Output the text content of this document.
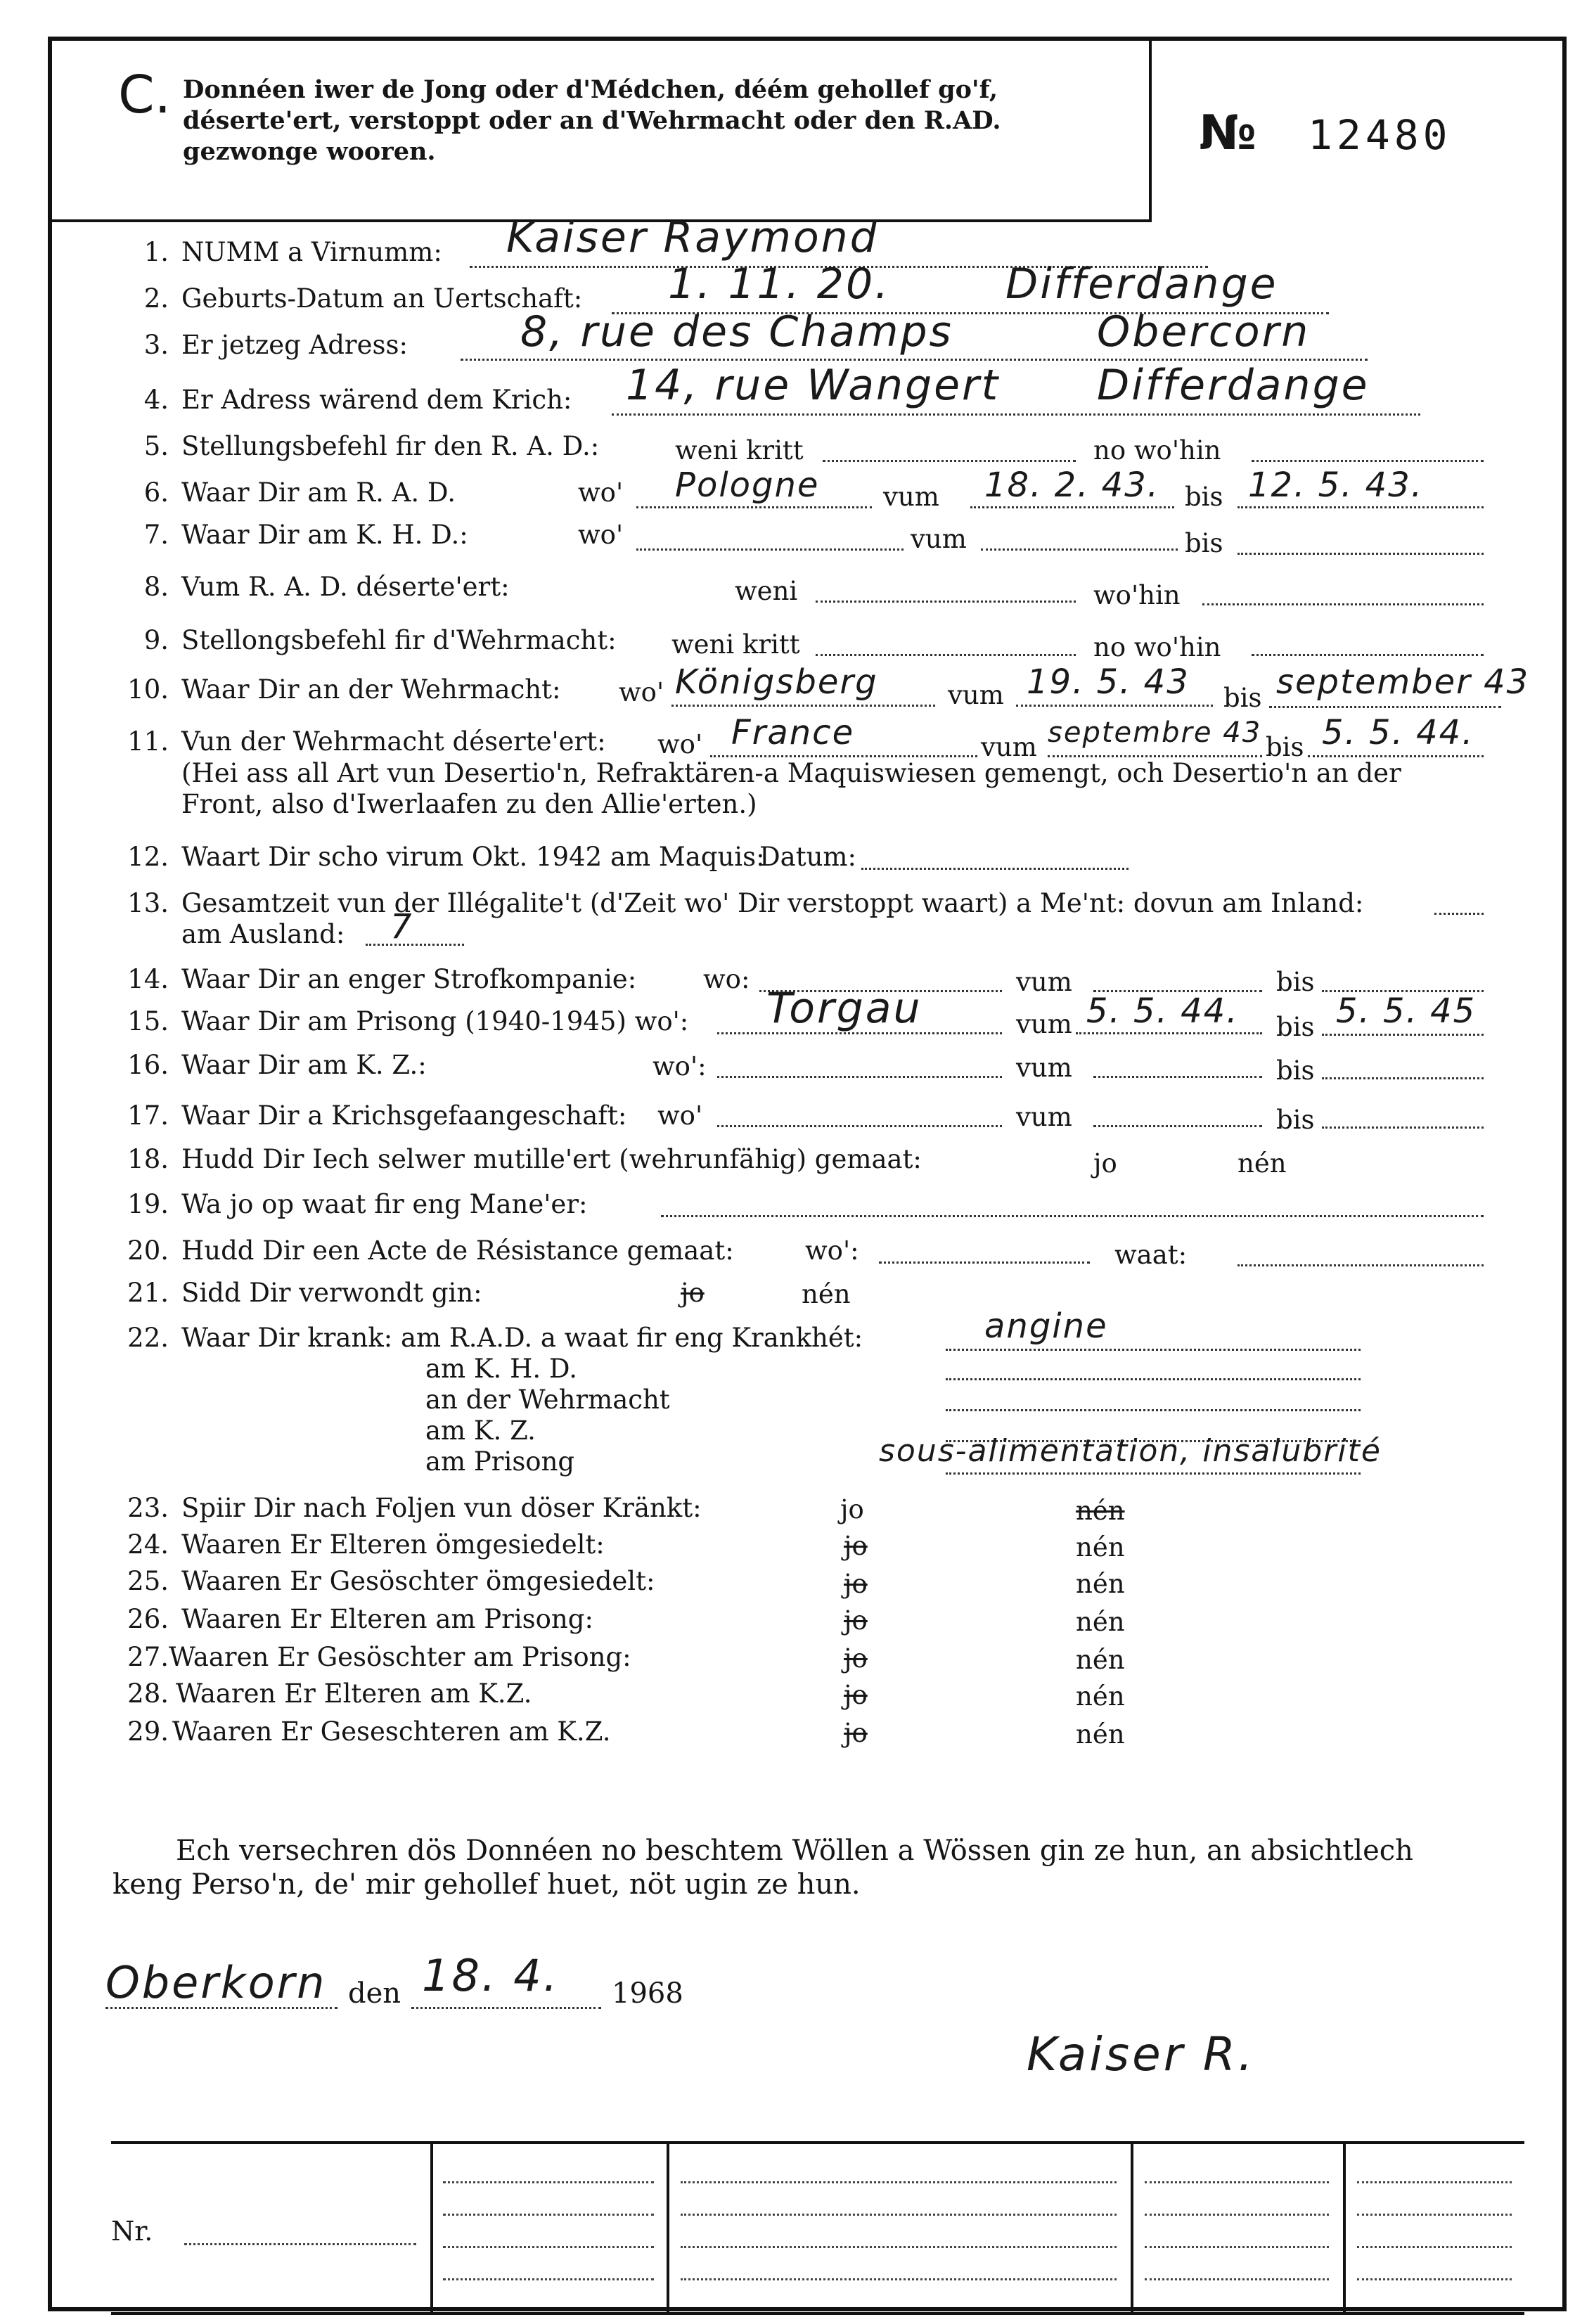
C. Donnéen iwer de Jong oder d'Médchen, déém gehollef go'f, déserte'ert, verstoppt oder an d'Wehrmacht oder den R.AD. gezwonge wooren.	№ 12480
1. NUMM a Virnumm: Kaiser Raymond
2. Geburts-Datum an Uertschaft: 1. 11. 20.	Differdange
3. Er jetzeg Adress:	8, rue des Champs	Obercorn
4. Er Adress wärend dem Krich: 14, rue Wangert Differdange
5. Stellungsbefehl fir den R. A. D.:	weni kritt	no wo'hin
6. Waar Dir am R. A. D.	wo' Pologne vum 18. 2. 43. bis 12. 5. 43.
7. Waar Dir am K. H. D.:	wo'	vum	bis
8. Vum R. A. D. déserte'ert:	weni	wo'hin
9. Stellongsbefehl fir d'Wehrmacht: weni kritt	no wo'hin
10. Waar Dir an der Wehrmacht: wo' Königsberg	vum 19. 5. 43 bis september 43
11. Vun der Wehrmacht déserte'ert: wo' France	vum septembre 43 bis 5. 5. 44.
(Hei ass all Art vun Desertio'n, Refraktären-a Maquiswiesen gemengt, och Desertio'n an der Front, also d'Iwerlaafen zu den Allie'erten.)
12. Waart Dir scho virum Okt. 1942 am Maquis:
Datum:
13. Gesamtzeit vun der Illégalite't (d'Zeit wo' Dir verstoppt waart) a Me'nt: dovun am Inland:
am Ausland: 7
14. Waar Dir an enger Strofkompanie:	wo:	vum	bis
15. Waar Dir am Prisong (1940-1945) wo': Torgau	vum 5. 5. 44. bis 5. 5. 45
16. Waar Dir am K. Z.:	wo':	vum	bis
17. Waar Dir a Krichsgefaangeschaft: wo'	vum	bis
18. Hudd Dir Iech selwer mutille'ert (wehrunfähig) gemaat:	jo	nén
19. Wa jo op waat fir eng Mane'er:
20. Hudd Dir een Acte de Résistance gemaat:	wo':	waat:
21. Sidd Dir verwondt gin:	jo	nén
22. Waar Dir krank: am R.A.D. a waat fir eng Krankhét:	angine
am K. H. D.
an der Wehrmacht
am K. Z.
am Prisong	sous-alimentation, insalubrité
23. Spiir Dir nach Foljen vun döser Kränkt:	jo	nén
24. Waaren Er Elteren ömgesiedelt:	jo	nén
25. Waaren Er Gesöschter ömgesiedelt:	jo	nén
26. Waaren Er Elteren am Prisong:	jo	nén
27. Waaren Er Gesöschter am Prisong:	jo	nén
28. Waaren Er Elteren am K.Z.	jo	nén
29. Waaren Er Geseschteren am K.Z.	jo	nén
Ech versechren dös Donnéen no beschtem Wöllen a Wössen gin ze hun, an absichtlech keng Perso'n, de' mir gehollef huet, nöt ugin ze hun.
Oberkorn den 18. 4. 1968
Kaiser R.
Nr.
